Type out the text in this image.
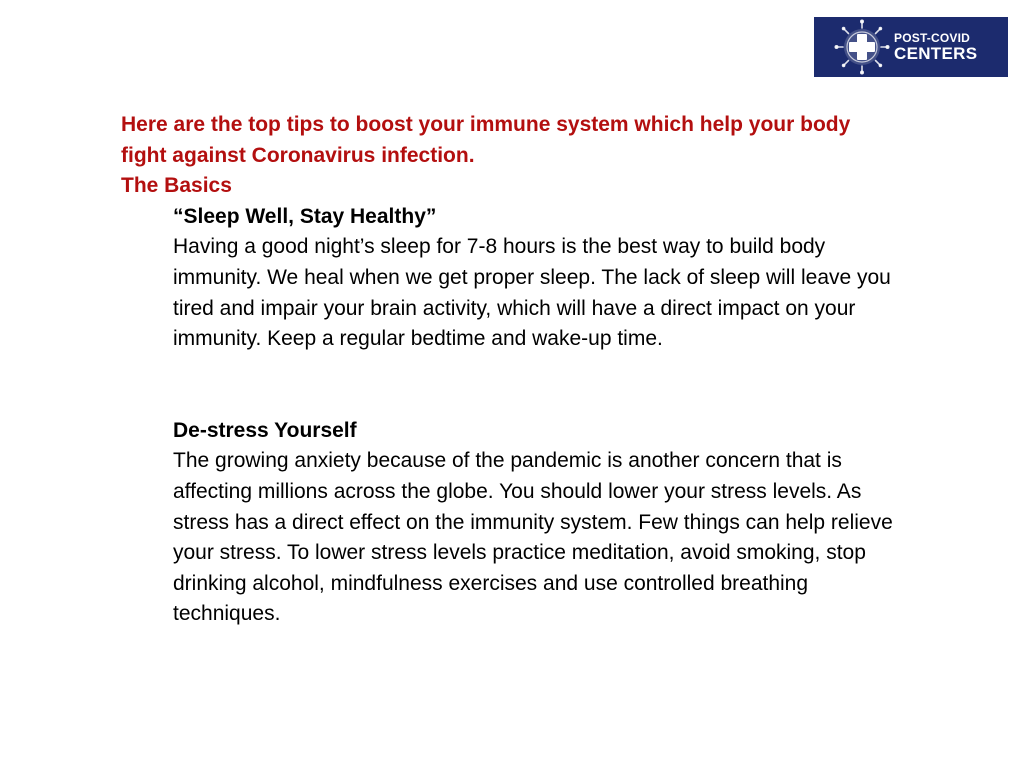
POST-COVID
CENTERS

Here are the top tips to boost your immune system which help your body fight against Coronavirus infection.

The Basics

“Sleep Well, Stay Healthy”

Having a good night’s sleep for 7-8 hours is the best way to build body immunity. We heal when we get proper sleep. The lack of sleep will leave you tired and impair your brain activity, which will have a direct impact on your immunity. Keep a regular bedtime and wake-up time.

De-stress Yourself

The growing anxiety because of the pandemic is another concern that is affecting millions across the globe. You should lower your stress levels. As stress has a direct effect on the immunity system. Few things can help relieve your stress. To lower stress levels practice meditation, avoid smoking, stop drinking alcohol, mindfulness exercises and use controlled breathing techniques.
